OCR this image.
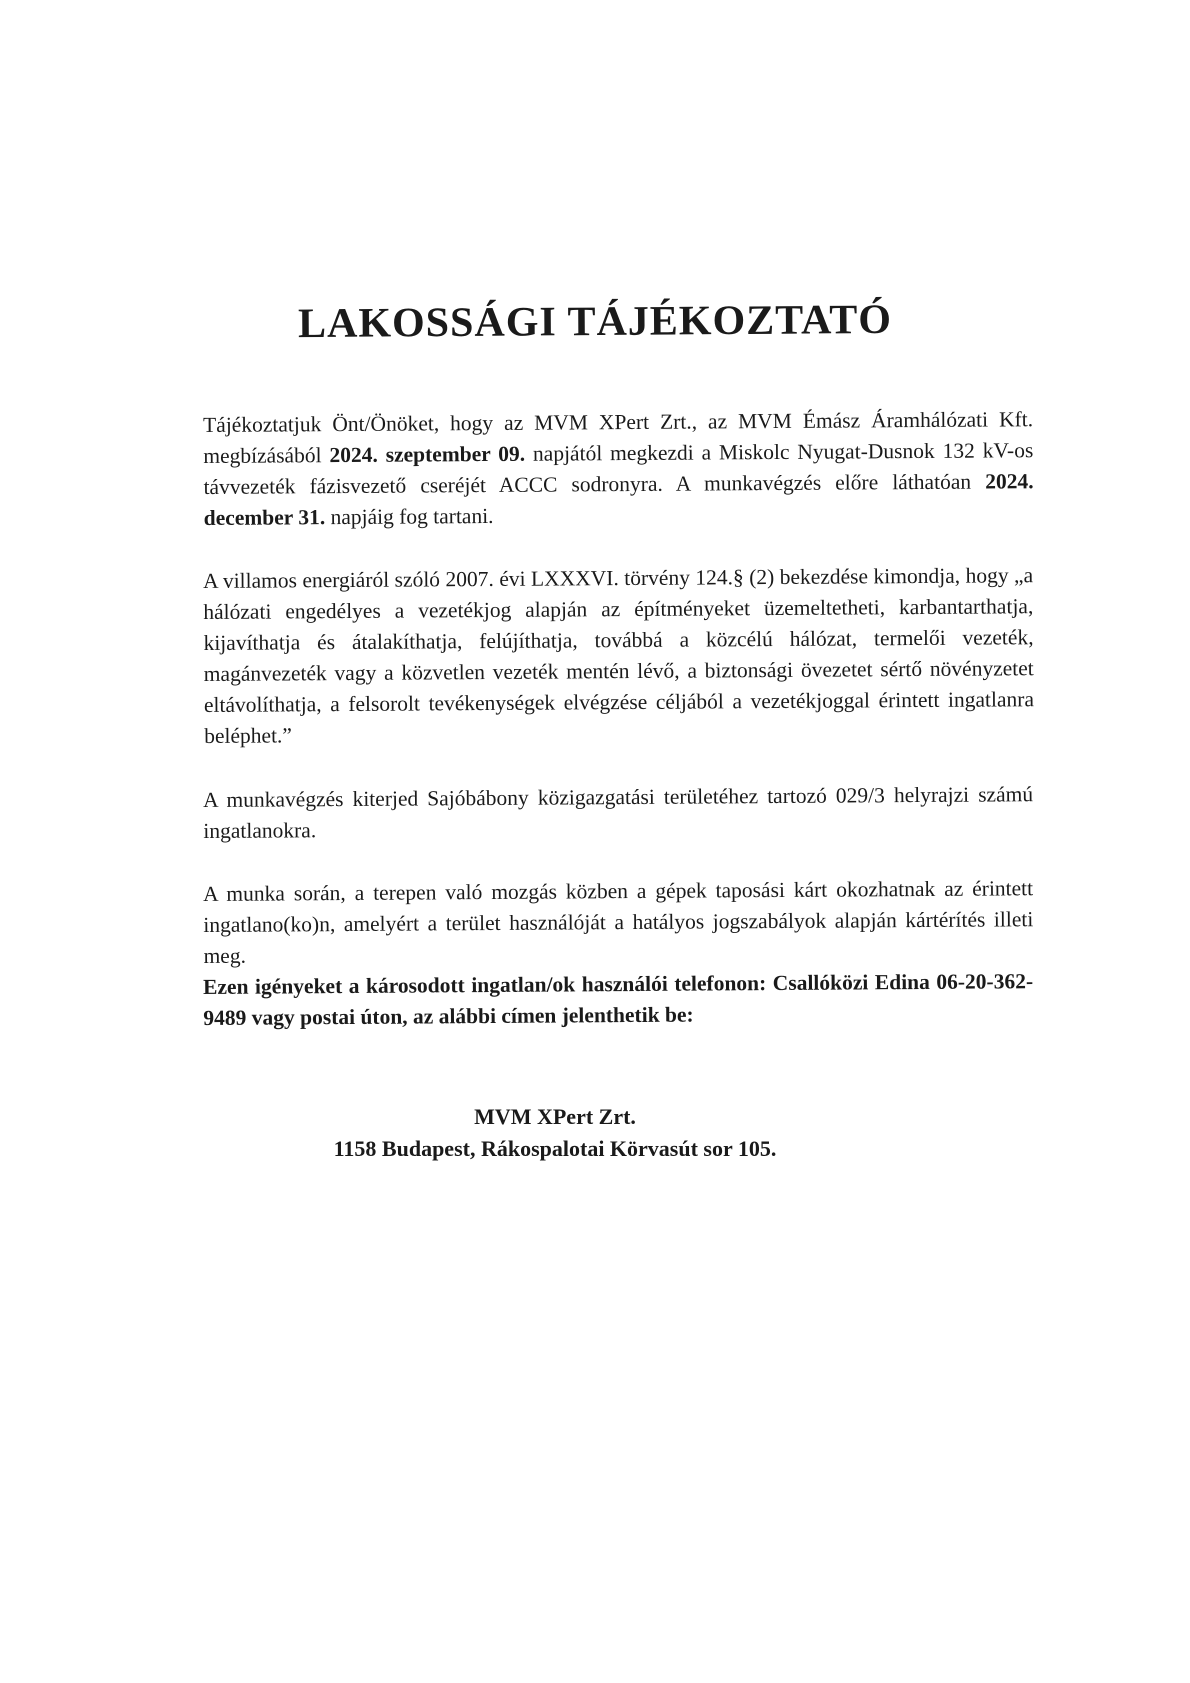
LAKOSSÁGI TÁJÉKOZTATÓ

Tájékoztatjuk Önt/Önöket, hogy az MVM XPert Zrt., az MVM Émász Áramhálózati Kft. megbízásából 2024. szeptember 09. napjától megkezdi a Miskolc Nyugat-Dusnok 132 kV-os távvezeték fázisvezető cseréjét ACCC sodronyra. A munkavégzés előre láthatóan 2024. december 31. napjáig fog tartani.

A villamos energiáról szóló 2007. évi LXXXVI. törvény 124.§ (2) bekezdése kimondja, hogy „a hálózati engedélyes a vezetékjog alapján az építményeket üzemeltetheti, karbantarthatja, kijavíthatja és átalakíthatja, felújíthatja, továbbá a közcélú hálózat, termelői vezeték, magánvezeték vagy a közvetlen vezeték mentén lévő, a biztonsági övezetet sértő növényzetet eltávolíthatja, a felsorolt tevékenységek elvégzése céljából a vezetékjoggal érintett ingatlanra beléphet.”

A munkavégzés kiterjed Sajóbábony közigazgatási területéhez tartozó 029/3 helyrajzi számú ingatlanokra.

A munka során, a terepen való mozgás közben a gépek taposási kárt okozhatnak az érintett ingatlano(ko)n, amelyért a terület használóját a hatályos jogszabályok alapján kártérítés illeti meg.

Ezen igényeket a károsodott ingatlan/ok használói telefonon: Csallóközi Edina 06-20-362-9489 vagy postai úton, az alábbi címen jelenthetik be:

MVM XPert Zrt.

1158 Budapest, Rákospalotai Körvasút sor 105.
